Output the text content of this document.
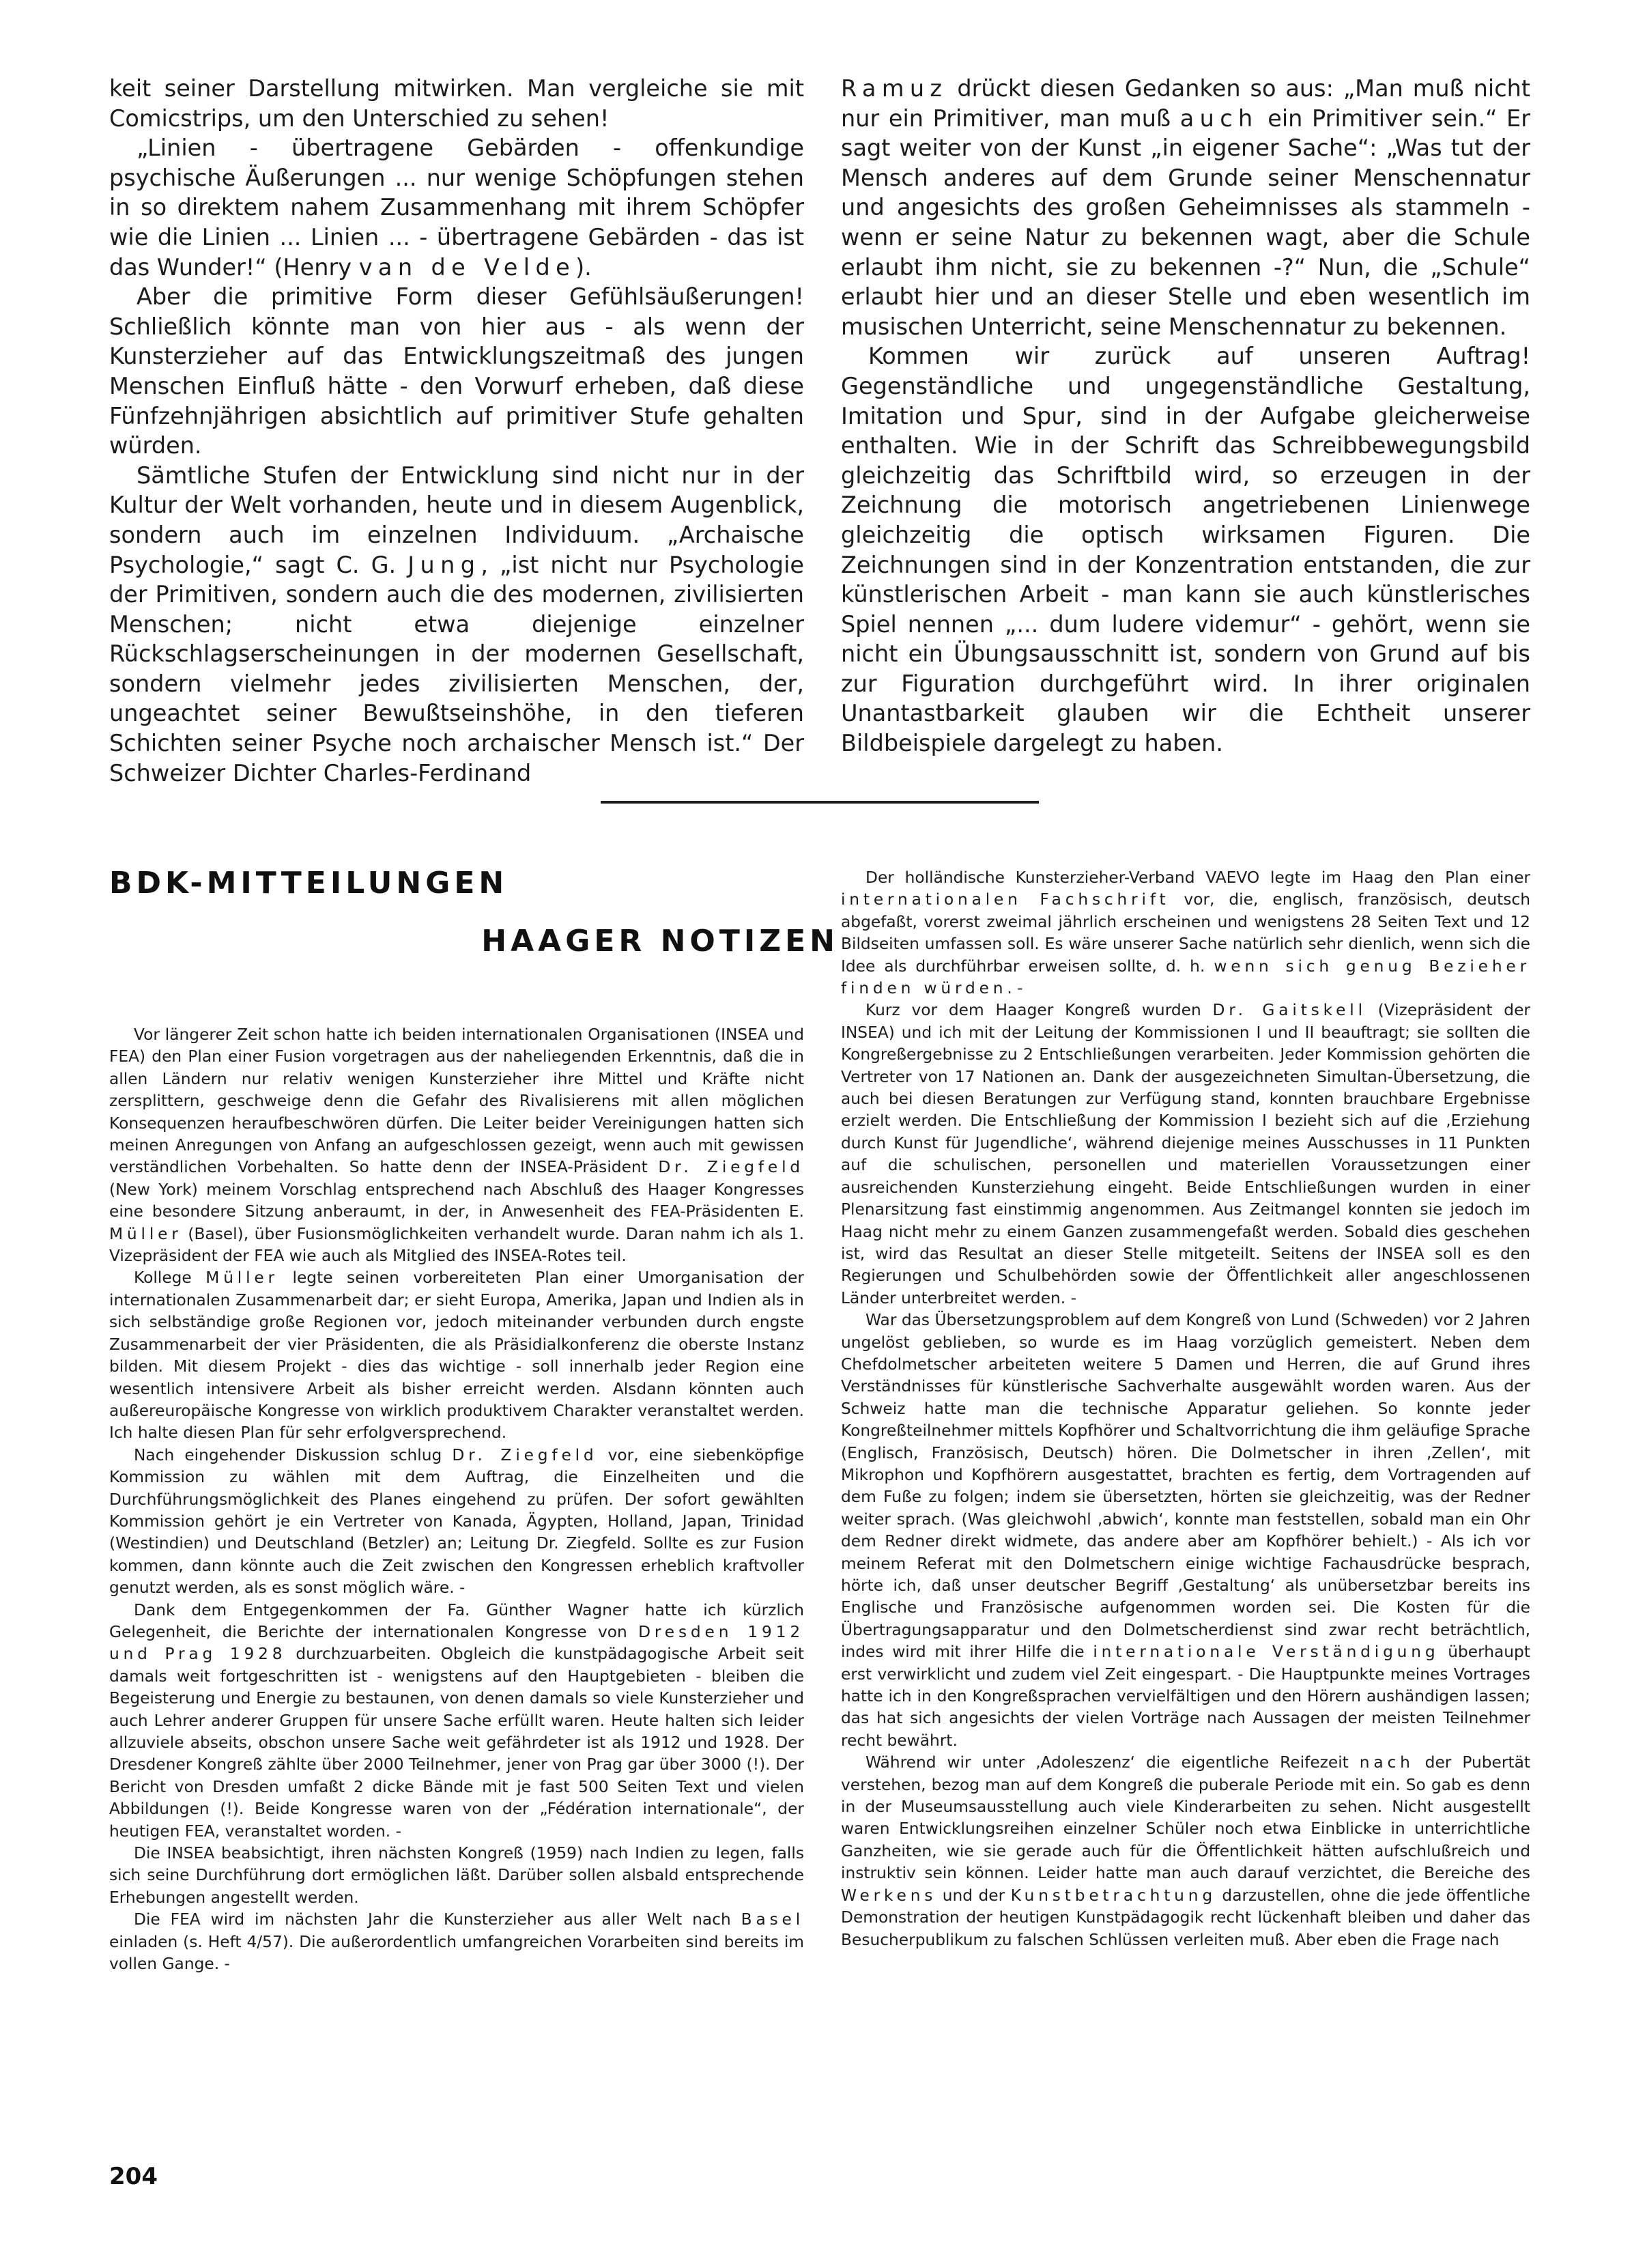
keit seiner Darstellung mitwirken. Man vergleiche sie mit Comicstrips, um den Unterschied zu sehen!

„Linien - übertragene Gebärden - offenkundige psychische Äußerungen ... nur wenige Schöpfungen stehen in so direktem nahem Zusammenhang mit ihrem Schöpfer wie die Linien ... Linien ... - übertragene Gebärden - das ist das Wunder!“ (Henry van de Velde).

Aber die primitive Form dieser Gefühlsäußerungen! Schließlich könnte man von hier aus - als wenn der Kunsterzieher auf das Entwicklungszeitmaß des jungen Menschen Einfluß hätte - den Vorwurf erheben, daß diese Fünfzehnjährigen absichtlich auf primitiver Stufe gehalten würden.

Sämtliche Stufen der Entwicklung sind nicht nur in der Kultur der Welt vorhanden, heute und in diesem Augenblick, sondern auch im einzelnen Individuum. „Archaische Psychologie,“ sagt C. G. Jung, „ist nicht nur Psychologie der Primitiven, sondern auch die des modernen, zivilisierten Menschen; nicht etwa diejenige einzelner Rückschlagserscheinungen in der modernen Gesellschaft, sondern vielmehr jedes zivilisierten Menschen, der, ungeachtet seiner Bewußtseinshöhe, in den tieferen Schichten seiner Psyche noch archaischer Mensch ist.“ Der Schweizer Dichter Charles-Ferdinand

Ramuz drückt diesen Gedanken so aus: „Man muß nicht nur ein Primitiver, man muß auch ein Primitiver sein.“ Er sagt weiter von der Kunst „in eigener Sache“: „Was tut der Mensch anderes auf dem Grunde seiner Menschennatur und angesichts des großen Geheimnisses als stammeln - wenn er seine Natur zu bekennen wagt, aber die Schule erlaubt ihm nicht, sie zu bekennen -?“ Nun, die „Schule“ erlaubt hier und an dieser Stelle und eben wesentlich im musischen Unterricht, seine Menschennatur zu bekennen.

Kommen wir zurück auf unseren Auftrag! Gegenständliche und ungegenständliche Gestaltung, Imitation und Spur, sind in der Aufgabe gleicherweise enthalten. Wie in der Schrift das Schreibbewegungsbild gleichzeitig das Schriftbild wird, so erzeugen in der Zeichnung die motorisch angetriebenen Linienwege gleichzeitig die optisch wirksamen Figuren. Die Zeichnungen sind in der Konzentration entstanden, die zur künstlerischen Arbeit - man kann sie auch künstlerisches Spiel nennen „... dum ludere videmur“ - gehört, wenn sie nicht ein Übungsausschnitt ist, sondern von Grund auf bis zur Figuration durchgeführt wird. In ihrer originalen Unantastbarkeit glauben wir die Echtheit unserer Bildbeispiele dargelegt zu haben.

BDK-MITTEILUNGEN
HAAGER NOTIZEN

Vor längerer Zeit schon hatte ich beiden internationalen Organisationen (INSEA und FEA) den Plan einer Fusion vorgetragen aus der naheliegenden Erkenntnis, daß die in allen Ländern nur relativ wenigen Kunsterzieher ihre Mittel und Kräfte nicht zersplittern, geschweige denn die Gefahr des Rivalisierens mit allen möglichen Konsequenzen heraufbeschwören dürfen. Die Leiter beider Vereinigungen hatten sich meinen Anregungen von Anfang an aufgeschlossen gezeigt, wenn auch mit gewissen verständlichen Vorbehalten. So hatte denn der INSEA-Präsident Dr. Ziegfeld (New York) meinem Vorschlag entsprechend nach Abschluß des Haager Kongresses eine besondere Sitzung anberaumt, in der, in Anwesenheit des FEA-Präsidenten E. Müller (Basel), über Fusionsmöglichkeiten verhandelt wurde. Daran nahm ich als 1. Vizepräsident der FEA wie auch als Mitglied des INSEA-Rotes teil.

Kollege Müller legte seinen vorbereiteten Plan einer Umorganisation der internationalen Zusammenarbeit dar; er sieht Europa, Amerika, Japan und Indien als in sich selbständige große Regionen vor, jedoch miteinander verbunden durch engste Zusammenarbeit der vier Präsidenten, die als Präsidialkonferenz die oberste Instanz bilden. Mit diesem Projekt - dies das wichtige - soll innerhalb jeder Region eine wesentlich intensivere Arbeit als bisher erreicht werden. Alsdann könnten auch außereuropäische Kongresse von wirklich produktivem Charakter veranstaltet werden. Ich halte diesen Plan für sehr erfolgversprechend.

Nach eingehender Diskussion schlug Dr. Ziegfeld vor, eine siebenköpfige Kommission zu wählen mit dem Auftrag, die Einzelheiten und die Durchführungsmöglichkeit des Planes eingehend zu prüfen. Der sofort gewählten Kommission gehört je ein Vertreter von Kanada, Ägypten, Holland, Japan, Trinidad (Westindien) und Deutschland (Betzler) an; Leitung Dr. Ziegfeld. Sollte es zur Fusion kommen, dann könnte auch die Zeit zwischen den Kongressen erheblich kraftvoller genutzt werden, als es sonst möglich wäre. -

Dank dem Entgegenkommen der Fa. Günther Wagner hatte ich kürzlich Gelegenheit, die Berichte der internationalen Kongresse von Dresden 1912 und Prag 1928 durchzuarbeiten. Obgleich die kunstpädagogische Arbeit seit damals weit fortgeschritten ist - wenigstens auf den Hauptgebieten - bleiben die Begeisterung und Energie zu bestaunen, von denen damals so viele Kunsterzieher und auch Lehrer anderer Gruppen für unsere Sache erfüllt waren. Heute halten sich leider allzuviele abseits, obschon unsere Sache weit gefährdeter ist als 1912 und 1928. Der Dresdener Kongreß zählte über 2000 Teilnehmer, jener von Prag gar über 3000 (!). Der Bericht von Dresden umfaßt 2 dicke Bände mit je fast 500 Seiten Text und vielen Abbildungen (!). Beide Kongresse waren von der „Fédération internationale“, der heutigen FEA, veranstaltet worden. -

Die INSEA beabsichtigt, ihren nächsten Kongreß (1959) nach Indien zu legen, falls sich seine Durchführung dort ermöglichen läßt. Darüber sollen alsbald entsprechende Erhebungen angestellt werden.

Die FEA wird im nächsten Jahr die Kunsterzieher aus aller Welt nach Basel einladen (s. Heft 4/57). Die außerordentlich umfangreichen Vorarbeiten sind bereits im vollen Gange. -

Der holländische Kunsterzieher-Verband VAEVO legte im Haag den Plan einer internationalen Fachschrift vor, die, englisch, französisch, deutsch abgefaßt, vorerst zweimal jährlich erscheinen und wenigstens 28 Seiten Text und 12 Bildseiten umfassen soll. Es wäre unserer Sache natürlich sehr dienlich, wenn sich die Idee als durchführbar erweisen sollte, d. h. wenn sich genug Bezieher finden würden. -

Kurz vor dem Haager Kongreß wurden Dr. Gaitskell (Vizepräsident der INSEA) und ich mit der Leitung der Kommissionen I und II beauftragt; sie sollten die Kongreßergebnisse zu 2 Entschließungen verarbeiten. Jeder Kommission gehörten die Vertreter von 17 Nationen an. Dank der ausgezeichneten Simultan-Übersetzung, die auch bei diesen Beratungen zur Verfügung stand, konnten brauchbare Ergebnisse erzielt werden. Die Entschließung der Kommission I bezieht sich auf die ‚Erziehung durch Kunst für Jugendliche‘, während diejenige meines Ausschusses in 11 Punkten auf die schulischen, personellen und materiellen Voraussetzungen einer ausreichenden Kunsterziehung eingeht. Beide Entschließungen wurden in einer Plenarsitzung fast einstimmig angenommen. Aus Zeitmangel konnten sie jedoch im Haag nicht mehr zu einem Ganzen zusammengefaßt werden. Sobald dies geschehen ist, wird das Resultat an dieser Stelle mitgeteilt. Seitens der INSEA soll es den Regierungen und Schulbehörden sowie der Öffentlichkeit aller angeschlossenen Länder unterbreitet werden. -

War das Übersetzungsproblem auf dem Kongreß von Lund (Schweden) vor 2 Jahren ungelöst geblieben, so wurde es im Haag vorzüglich gemeistert. Neben dem Chefdolmetscher arbeiteten weitere 5 Damen und Herren, die auf Grund ihres Verständnisses für künstlerische Sachverhalte ausgewählt worden waren. Aus der Schweiz hatte man die technische Apparatur geliehen. So konnte jeder Kongreßteilnehmer mittels Kopfhörer und Schaltvorrichtung die ihm geläufige Sprache (Englisch, Französisch, Deutsch) hören. Die Dolmetscher in ihren ‚Zellen‘, mit Mikrophon und Kopfhörern ausgestattet, brachten es fertig, dem Vortragenden auf dem Fuße zu folgen; indem sie übersetzten, hörten sie gleichzeitig, was der Redner weiter sprach. (Was gleichwohl ‚abwich‘, konnte man feststellen, sobald man ein Ohr dem Redner direkt widmete, das andere aber am Kopfhörer behielt.) - Als ich vor meinem Referat mit den Dolmetschern einige wichtige Fachausdrücke besprach, hörte ich, daß unser deutscher Begriff ‚Gestaltung‘ als unübersetzbar bereits ins Englische und Französische aufgenommen worden sei. Die Kosten für die Übertragungsapparatur und den Dolmetscherdienst sind zwar recht beträchtlich, indes wird mit ihrer Hilfe die internationale Verständigung überhaupt erst verwirklicht und zudem viel Zeit eingespart. - Die Hauptpunkte meines Vortrages hatte ich in den Kongreßsprachen vervielfältigen und den Hörern aushändigen lassen; das hat sich angesichts der vielen Vorträge nach Aussagen der meisten Teilnehmer recht bewährt.

Während wir unter ‚Adoleszenz‘ die eigentliche Reifezeit nach der Pubertät verstehen, bezog man auf dem Kongreß die puberale Periode mit ein. So gab es denn in der Museumsausstellung auch viele Kinderarbeiten zu sehen. Nicht ausgestellt waren Entwicklungsreihen einzelner Schüler noch etwa Einblicke in unterrichtliche Ganzheiten, wie sie gerade auch für die Öffentlichkeit hätten aufschlußreich und instruktiv sein können. Leider hatte man auch darauf verzichtet, die Bereiche des Werkens und der Kunstbetrachtung darzustellen, ohne die jede öffentliche Demonstration der heutigen Kunstpädagogik recht lückenhaft bleiben und daher das Besucherpublikum zu falschen Schlüssen verleiten muß. Aber eben die Frage nach

204
